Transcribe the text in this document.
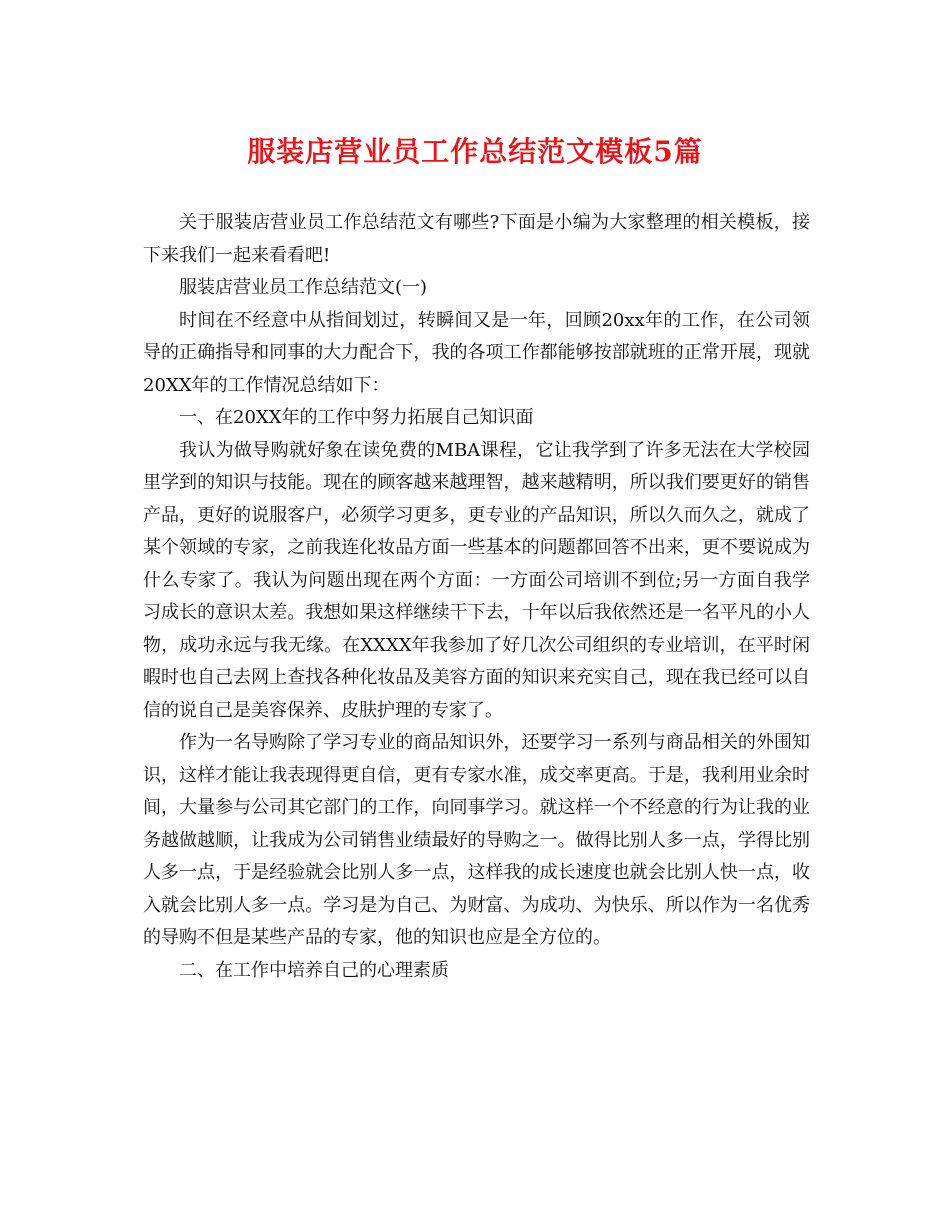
服装店营业员工作总结范文模板5篇

关于服装店营业员工作总结范文有哪些?下面是小编为大家整理的相关模板，接下来我们一起来看看吧!

服装店营业员工作总结范文(一)

时间在不经意中从指间划过，转瞬间又是一年，回顾20xx年的工作，在公司领导的正确指导和同事的大力配合下，我的各项工作都能够按部就班的正常开展，现就20XX年的工作情况总结如下：

一、在20XX年的工作中努力拓展自己知识面

我认为做导购就好象在读免费的MBA课程，它让我学到了许多无法在大学校园里学到的知识与技能。现在的顾客越来越理智，越来越精明，所以我们要更好的销售产品，更好的说服客户，必须学习更多，更专业的产品知识，所以久而久之，就成了某个领域的专家，之前我连化妆品方面一些基本的问题都回答不出来，更不要说成为什么专家了。我认为问题出现在两个方面：一方面公司培训不到位;另一方面自我学习成长的意识太差。我想如果这样继续干下去，十年以后我依然还是一名平凡的小人物，成功永远与我无缘。在XXXX年我参加了好几次公司组织的专业培训，在平时闲暇时也自己去网上查找各种化妆品及美容方面的知识来充实自己，现在我已经可以自信的说自己是美容保养、皮肤护理的专家了。

作为一名导购除了学习专业的商品知识外，还要学习一系列与商品相关的外围知识，这样才能让我表现得更自信，更有专家水准，成交率更高。于是，我利用业余时间，大量参与公司其它部门的工作，向同事学习。就这样一个不经意的行为让我的业务越做越顺，让我成为公司销售业绩最好的导购之一。做得比别人多一点，学得比别人多一点，于是经验就会比别人多一点，这样我的成长速度也就会比别人快一点，收入就会比别人多一点。学习是为自己、为财富、为成功、为快乐、所以作为一名优秀的导购不但是某些产品的专家，他的知识也应是全方位的。

二、在工作中培养自己的心理素质
